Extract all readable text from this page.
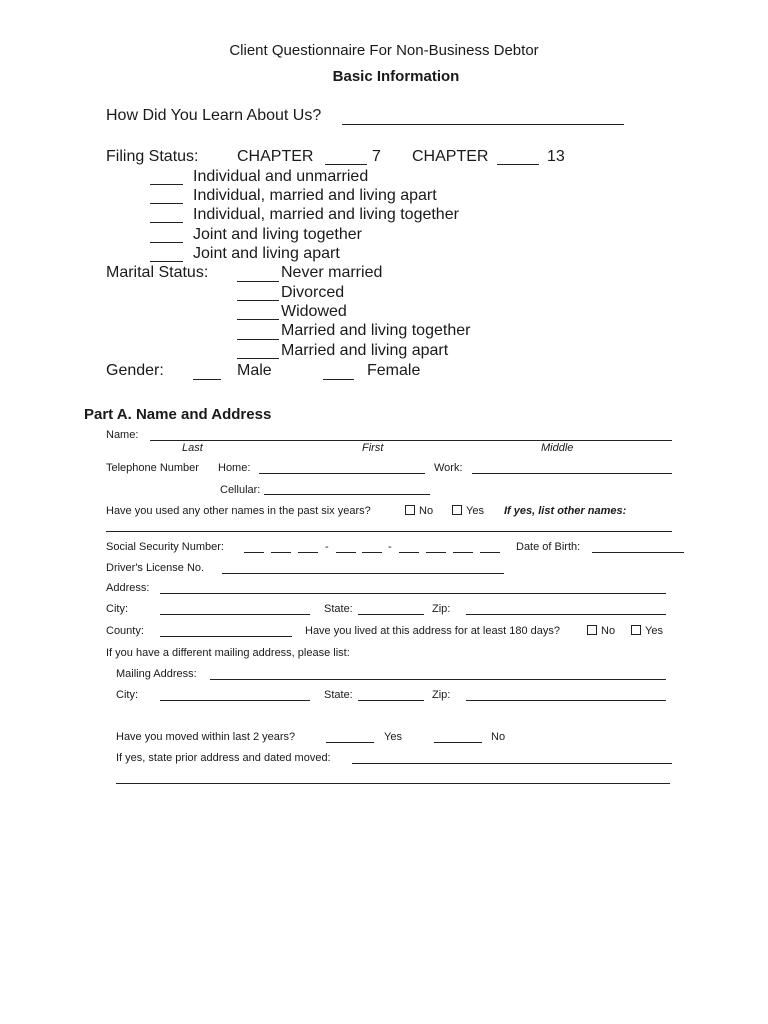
Client Questionnaire For Non-Business Debtor
Basic Information
How Did You Learn About Us?
Filing Status: CHAPTER	7 CHAPTER	13
Individual and unmarried
Individual, married and living apart
Individual, married and living together
Joint and living together
Joint and living apart
Marital Status:	Never married
Divorced
Widowed
Married and living together
Married and living apart
Gender:	Male	Female
Part A. Name and Address
Name:
Last	First	Middle
Telephone Number Home:	Work:
Cellular:
Have you used any other names in the past six years?	No	Yes If yes, list other names:
Social Security Number:	-	-	Date of Birth:
Driver's License No.
Address:
City:	State:	Zip:
County:	Have you lived at this address for at least 180 days?	No	Yes
If you have a different mailing address, please list:
Mailing Address:
City:	State:	Zip:
Have you moved within last 2 years?	Yes	No
If yes, state prior address and dated moved:
